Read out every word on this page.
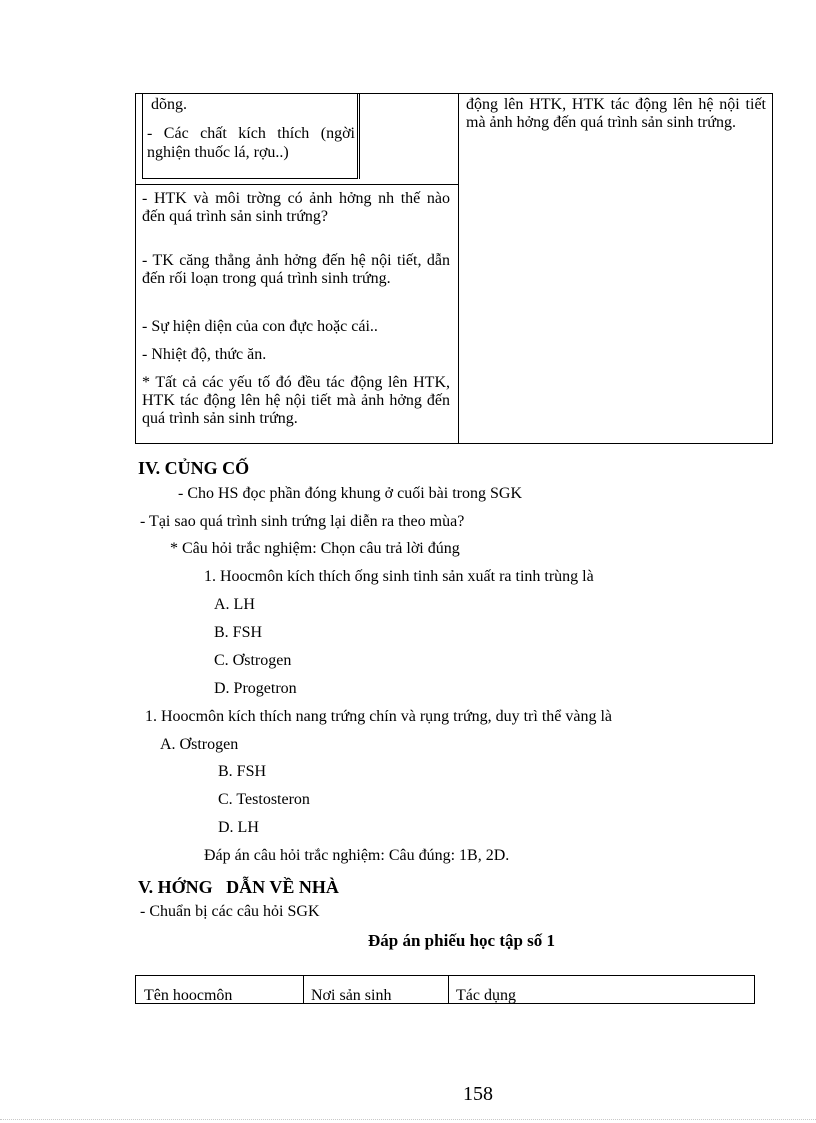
dõng.
- Các chất kích thích (ngời nghiện thuốc lá, rợu..)
- HTK và môi trờng có ảnh hởng nh thế nào đến quá trình sản sinh trứng?
- TK căng thẳng ảnh hởng đến hệ nội tiết, dẫn đến rối loạn trong quá trình sinh trứng.
- Sự hiện diện của con đực hoặc cái..
- Nhiệt độ, thức ăn.
* Tất cả các yếu tố đó đều tác động lên HTK, HTK tác động lên hệ nội tiết mà ảnh hởng đến quá trình sản sinh trứng.
động lên HTK, HTK tác động lên hệ nội tiết mà ảnh hởng đến quá trình sản sinh trứng.
IV. CỦNG CỐ
- Cho HS đọc phần đóng khung ở cuối bài trong SGK
- Tại sao quá trình sinh trứng lại diễn ra theo mùa?
* Câu hỏi trắc nghiệm: Chọn câu trả lời đúng
1. Hoocmôn kích thích ống sinh tinh sản xuất ra tinh trùng là
A. LH
B. FSH
C. Ơstrogen
D. Progetron
1. Hoocmôn kích thích nang trứng chín và rụng trứng, duy trì thể vàng là
A. Ơstrogen
B. FSH
C. Testosteron
D. LH
Đáp án câu hỏi trắc nghiệm: Câu đúng: 1B, 2D.
V. HỚNG   DẪN VỀ NHÀ
- Chuẩn bị các câu hỏi SGK
Đáp án phiếu học tập số 1
Tên hoocmôn	Nơi sản sinh	Tác dụng
158
